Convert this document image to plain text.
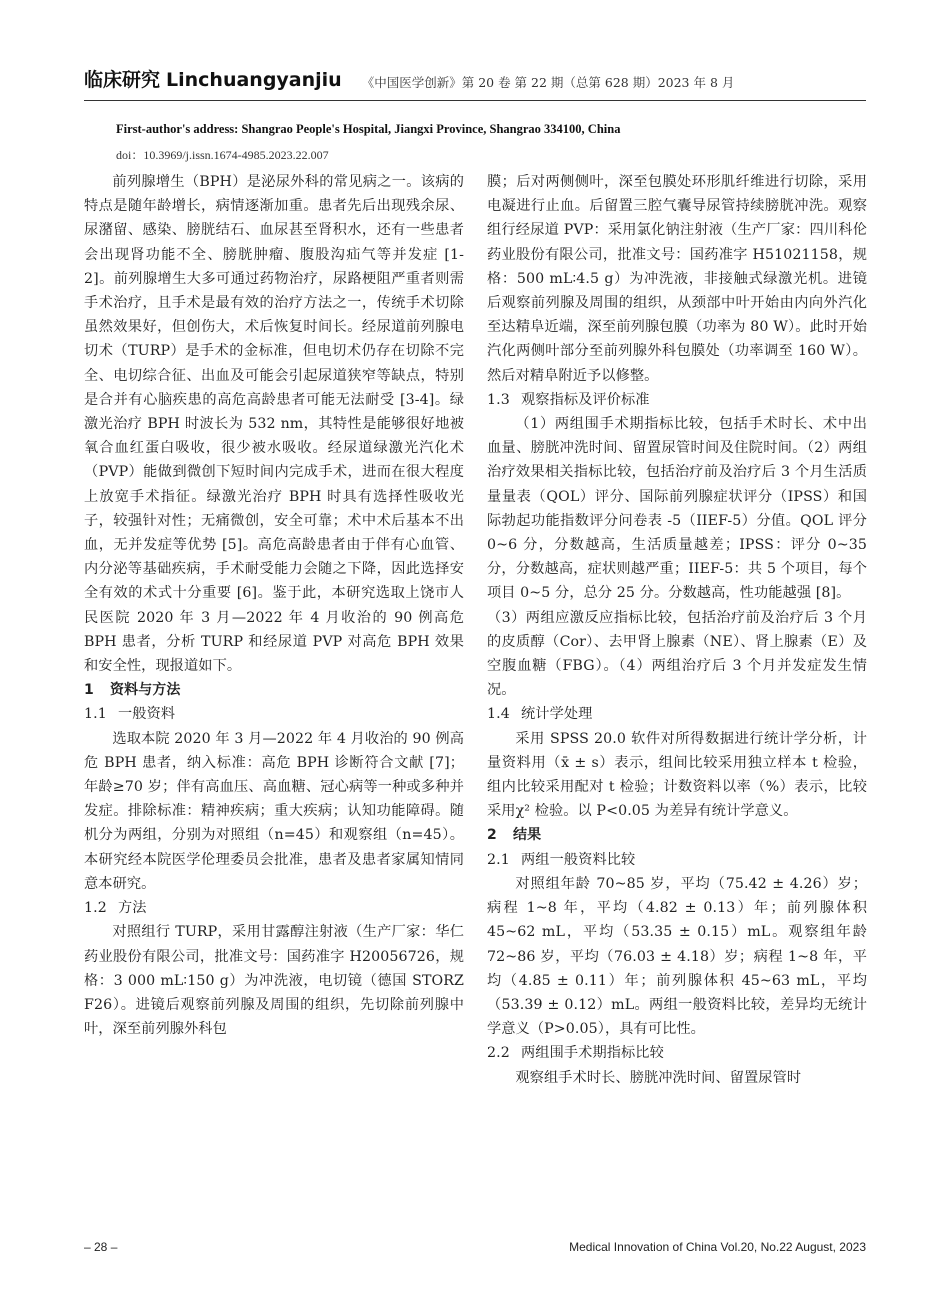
临床研究 Linchuangyanjiu 《中国医学创新》第 20 卷 第 22 期（总第 628 期）2023 年 8 月
First-author's address: Shangrao People's Hospital, Jiangxi Province, Shangrao 334100, China
doi：10.3969/j.issn.1674-4985.2023.22.007

前列腺增生（BPH）是泌尿外科的常见病之一。该病的特点是随年龄增长，病情逐渐加重。患者先后出现残余尿、尿潴留、感染、膀胱结石、血尿甚至肾积水，还有一些患者会出现肾功能不全、膀胱肿瘤、腹股沟疝气等并发症 [1-2]。前列腺增生大多可通过药物治疗，尿路梗阻严重者则需手术治疗，且手术是最有效的治疗方法之一，传统手术切除虽然效果好，但创伤大，术后恢复时间长。经尿道前列腺电切术（TURP）是手术的金标准，但电切术仍存在切除不完全、电切综合征、出血及可能会引起尿道狭窄等缺点，特别是合并有心脑疾患的高危高龄患者可能无法耐受 [3-4]。绿激光治疗 BPH 时波长为 532 nm，其特性是能够很好地被氧合血红蛋白吸收，很少被水吸收。经尿道绿激光汽化术（PVP）能做到微创下短时间内完成手术，进而在很大程度上放宽手术指征。绿激光治疗 BPH 时具有选择性吸收光子，较强针对性；无痛微创，安全可靠；术中术后基本不出血，无并发症等优势 [5]。高危高龄患者由于伴有心血管、内分泌等基础疾病，手术耐受能力会随之下降，因此选择安全有效的术式十分重要 [6]。鉴于此，本研究选取上饶市人民医院 2020 年 3 月—2022 年 4 月收治的 90 例高危 BPH 患者，分析 TURP 和经尿道 PVP 对高危 BPH 效果和安全性，现报道如下。

1 资料与方法
1.1 一般资料

选取本院 2020 年 3 月—2022 年 4 月收治的 90 例高危 BPH 患者，纳入标准：高危 BPH 诊断符合文献 [7]；年龄≥70 岁；伴有高血压、高血糖、冠心病等一种或多种并发症。排除标准：精神疾病；重大疾病；认知功能障碍。随机分为两组，分别为对照组（n=45）和观察组（n=45）。本研究经本院医学伦理委员会批准，患者及患者家属知情同意本研究。

1.2 方法

对照组行 TURP，采用甘露醇注射液（生产厂家：华仁药业股份有限公司，批准文号：国药准字 H20056726，规格：3 000 mL∶150 g）为冲洗液，电切镜（德国 STORZ F26）。进镜后观察前列腺及周围的组织，先切除前列腺中叶，深至前列腺外科包

膜；后对两侧侧叶，深至包膜处环形肌纤维进行切除，采用电凝进行止血。后留置三腔气囊导尿管持续膀胱冲洗。观察组行经尿道 PVP：采用氯化钠注射液（生产厂家：四川科伦药业股份有限公司，批准文号：国药准字 H51021158，规格：500 mL∶4.5 g）为冲洗液，非接触式绿激光机。进镜后观察前列腺及周围的组织，从颈部中叶开始由内向外汽化至达精阜近端，深至前列腺包膜（功率为 80 W）。此时开始汽化两侧叶部分至前列腺外科包膜处（功率调至 160 W）。然后对精阜附近予以修整。

1.3 观察指标及评价标准

（1）两组围手术期指标比较，包括手术时长、术中出血量、膀胱冲洗时间、留置尿管时间及住院时间。（2）两组治疗效果相关指标比较，包括治疗前及治疗后 3 个月生活质量量表（QOL）评分、国际前列腺症状评分（IPSS）和国际勃起功能指数评分问卷表 -5（IIEF-5）分值。QOL 评分 0~6 分，分数越高，生活质量越差；IPSS：评分 0~35 分，分数越高，症状则越严重；IIEF-5：共 5 个项目，每个项目 0~5 分，总分 25 分。分数越高，性功能越强 [8]。

（3）两组应激反应指标比较，包括治疗前及治疗后 3 个月的皮质醇（Cor）、去甲肾上腺素（NE）、肾上腺素（E）及空腹血糖（FBG）。（4）两组治疗后 3 个月并发症发生情况。

1.4 统计学处理

采用 SPSS 20.0 软件对所得数据进行统计学分析，计量资料用（x̄ ± s）表示，组间比较采用独立样本 t 检验，组内比较采用配对 t 检验；计数资料以率（%）表示，比较采用χ² 检验。以 P<0.05 为差异有统计学意义。

2 结果
2.1 两组一般资料比较

对照组年龄 70~85 岁，平均（75.42 ± 4.26）岁；病程 1~8 年，平均（4.82 ± 0.13）年；前列腺体积 45~62 mL，平均（53.35 ± 0.15）mL。观察组年龄 72~86 岁，平均（76.03 ± 4.18）岁；病程 1~8 年，平均（4.85 ± 0.11）年；前列腺体积 45~63 mL，平均（53.39 ± 0.12）mL。两组一般资料比较，差异均无统计学意义（P>0.05），具有可比性。

2.2 两组围手术期指标比较

观察组手术时长、膀胱冲洗时间、留置尿管时

– 28 –	Medical Innovation of China Vol.20, No.22 August, 2023
